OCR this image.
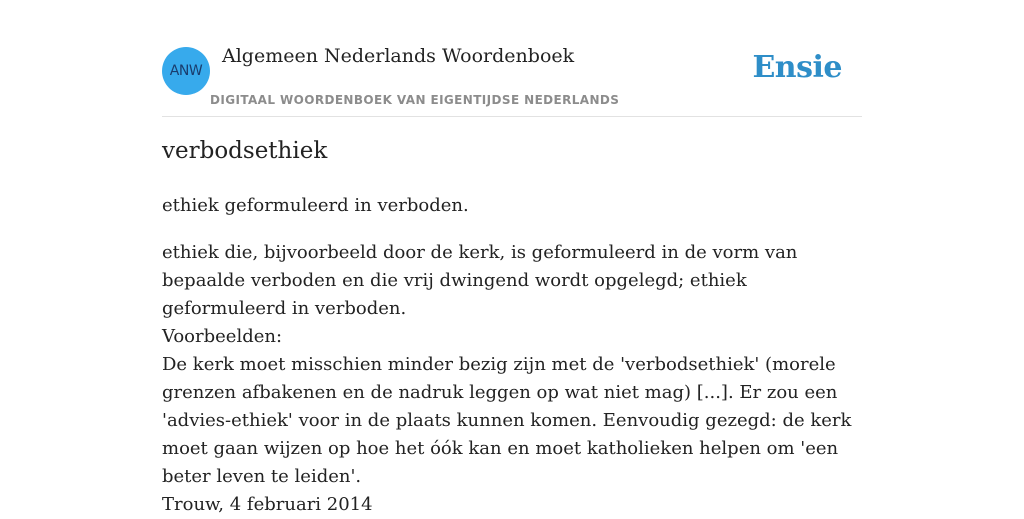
ANW
Algemeen Nederlands Woordenboek
DIGITAAL WOORDENBOEK VAN EIGENTIJDSE NEDERLANDS
Ensie
verbodsethiek
ethiek geformuleerd in verboden.
ethiek die, bijvoorbeeld door de kerk, is geformuleerd in de vorm van bepaalde verboden en die vrij dwingend wordt opgelegd; ethiek geformuleerd in verboden.
Voorbeelden:
De kerk moet misschien minder bezig zijn met de 'verbodsethiek' (morele grenzen afbakenen en de nadruk leggen op wat niet mag) [...]. Er zou een 'advies-ethiek' voor in de plaats kunnen komen. Eenvoudig gezegd: de kerk moet gaan wijzen op hoe het óók kan en moet katholieken helpen om 'een beter leven te leiden'.
Trouw, 4 februari 2014
